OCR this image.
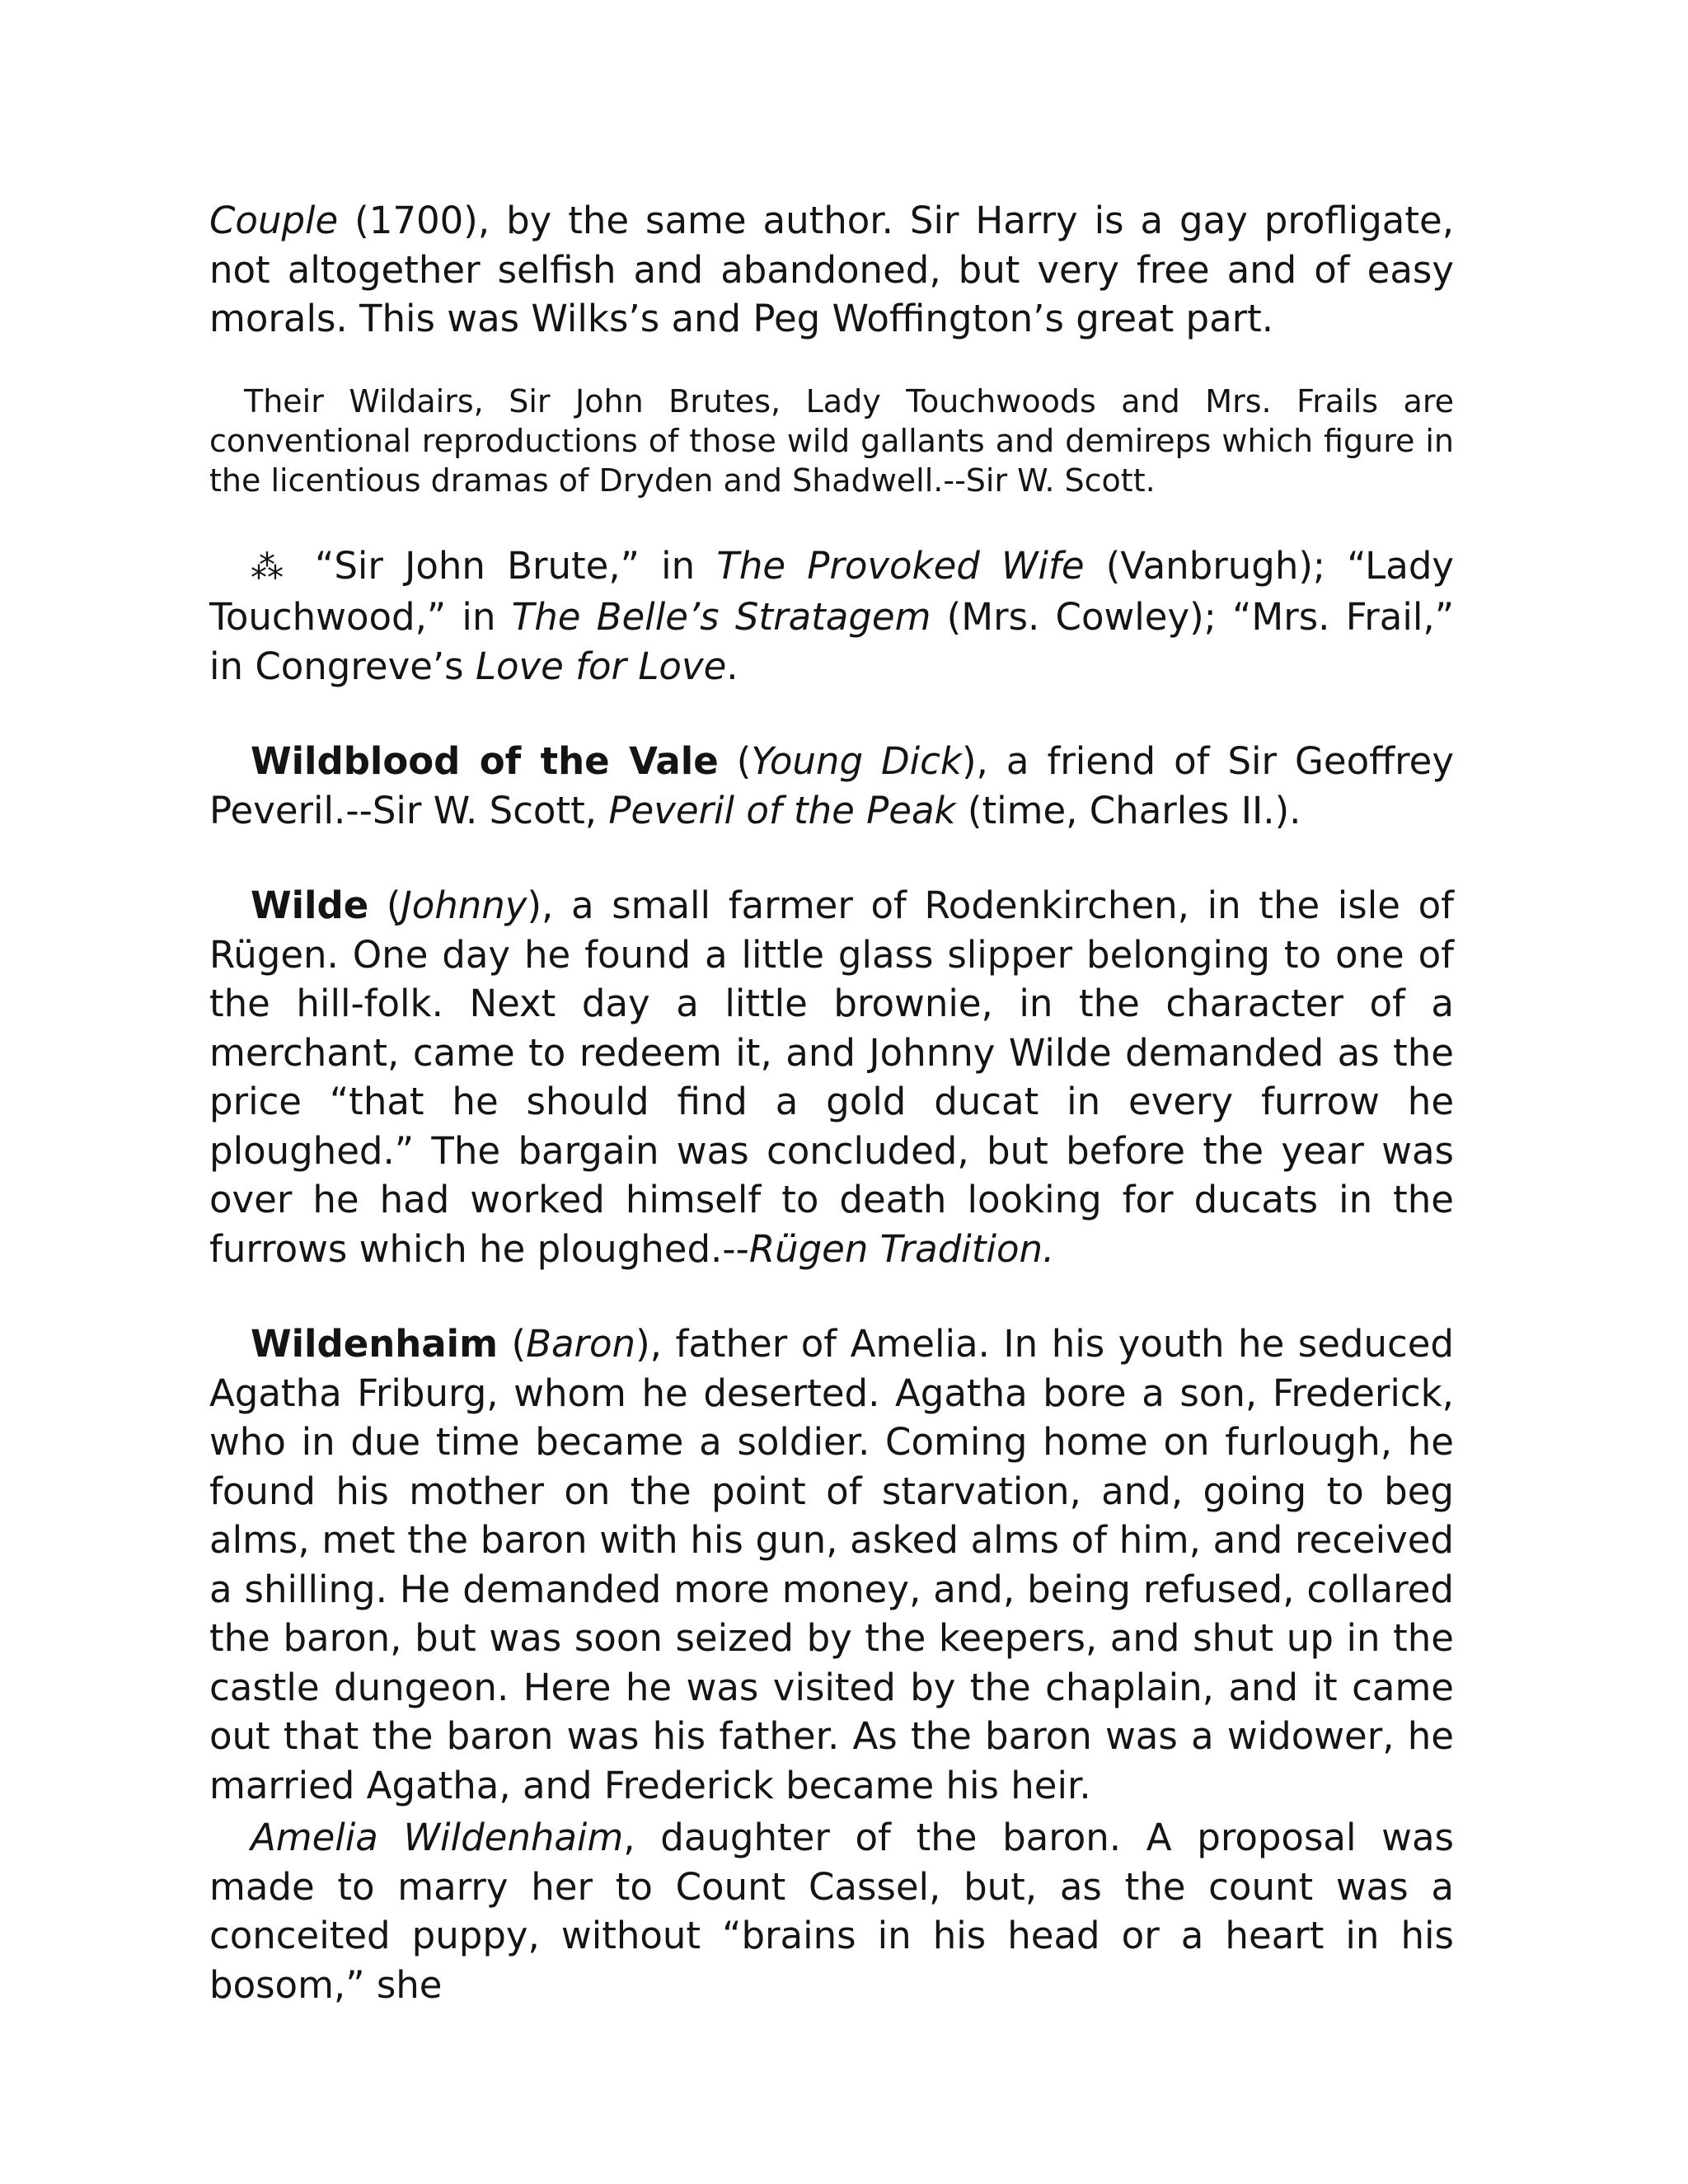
Couple (1700), by the same author. Sir Harry is a gay profligate, not altogether selfish and abandoned, but very free and of easy morals. This was Wilks’s and Peg Woffington’s great part.

Their Wildairs, Sir John Brutes, Lady Touchwoods and Mrs. Frails are conventional reproductions of those wild gallants and demireps which figure in the licentious dramas of Dryden and Shadwell.--Sir W. Scott.

⁂ “Sir John Brute,” in The Provoked Wife (Vanbrugh); “Lady Touchwood,” in The Belle’s Stratagem (Mrs. Cowley); “Mrs. Frail,” in Congreve’s Love for Love.

Wildblood of the Vale (Young Dick), a friend of Sir Geoffrey Peveril.--Sir W. Scott, Peveril of the Peak (time, Charles II.).

Wilde (Johnny), a small farmer of Rodenkirchen, in the isle of Rügen. One day he found a little glass slipper belonging to one of the hill-folk. Next day a little brownie, in the character of a merchant, came to redeem it, and Johnny Wilde demanded as the price “that he should find a gold ducat in every furrow he ploughed.” The bargain was concluded, but before the year was over he had worked himself to death looking for ducats in the furrows which he ploughed.--Rügen Tradition.

Wildenhaim (Baron), father of Amelia. In his youth he seduced Agatha Friburg, whom he deserted. Agatha bore a son, Frederick, who in due time became a soldier. Coming home on furlough, he found his mother on the point of starvation, and, going to beg alms, met the baron with his gun, asked alms of him, and received a shilling. He demanded more money, and, being refused, collared the baron, but was soon seized by the keepers, and shut up in the castle dungeon. Here he was visited by the chaplain, and it came out that the baron was his father. As the baron was a widower, he married Agatha, and Frederick became his heir.

Amelia Wildenhaim, daughter of the baron. A proposal was made to marry her to Count Cassel, but, as the count was a conceited puppy, without “brains in his head or a heart in his bosom,” she
